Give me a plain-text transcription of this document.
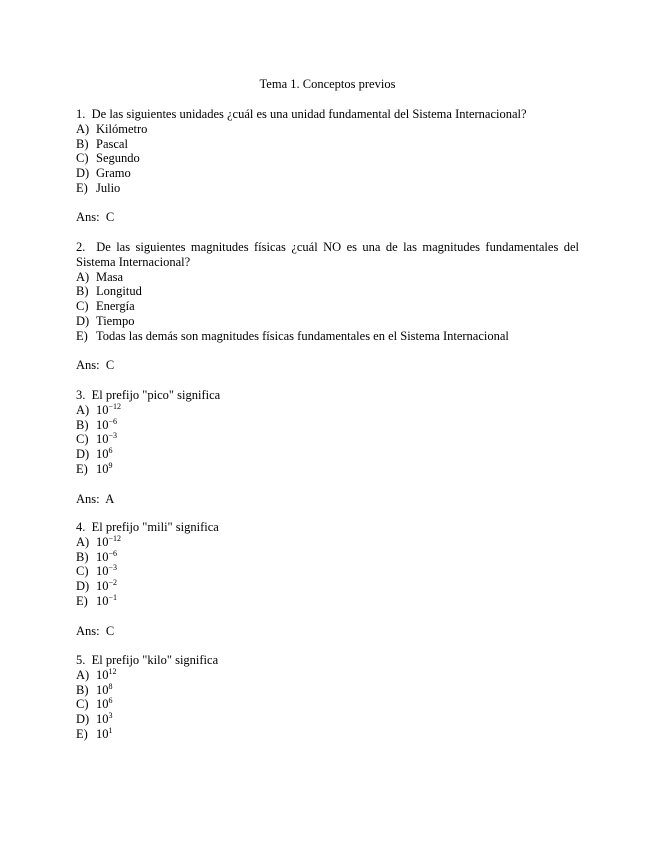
Tema 1. Conceptos previos
1. De las siguientes unidades ¿cuál es una unidad fundamental del Sistema Internacional?
A) Kilómetro
B) Pascal
C) Segundo
D) Gramo
E) Julio
Ans: C
2. De las siguientes magnitudes físicas ¿cuál NO es una de las magnitudes fundamentales del Sistema Internacional?
A) Masa
B) Longitud
C) Energía
D) Tiempo
E) Todas las demás son magnitudes físicas fundamentales en el Sistema Internacional
Ans: C
3. El prefijo "pico" significa
A) $10^{-12}$
B) $10^{-6}$
C) $10^{-3}$
D) $10^6$
E) $10^9$
Ans: A
4. El prefijo "mili" significa
A) $10^{-12}$
B) $10^{-6}$
C) $10^{-3}$
D) $10^{-2}$
E) $10^{-1}$
Ans: C
5. El prefijo "kilo" significa
A) $10^{12}$
B) $10^8$
C) $10^6$
D) $10^3$
E) $10^1$
